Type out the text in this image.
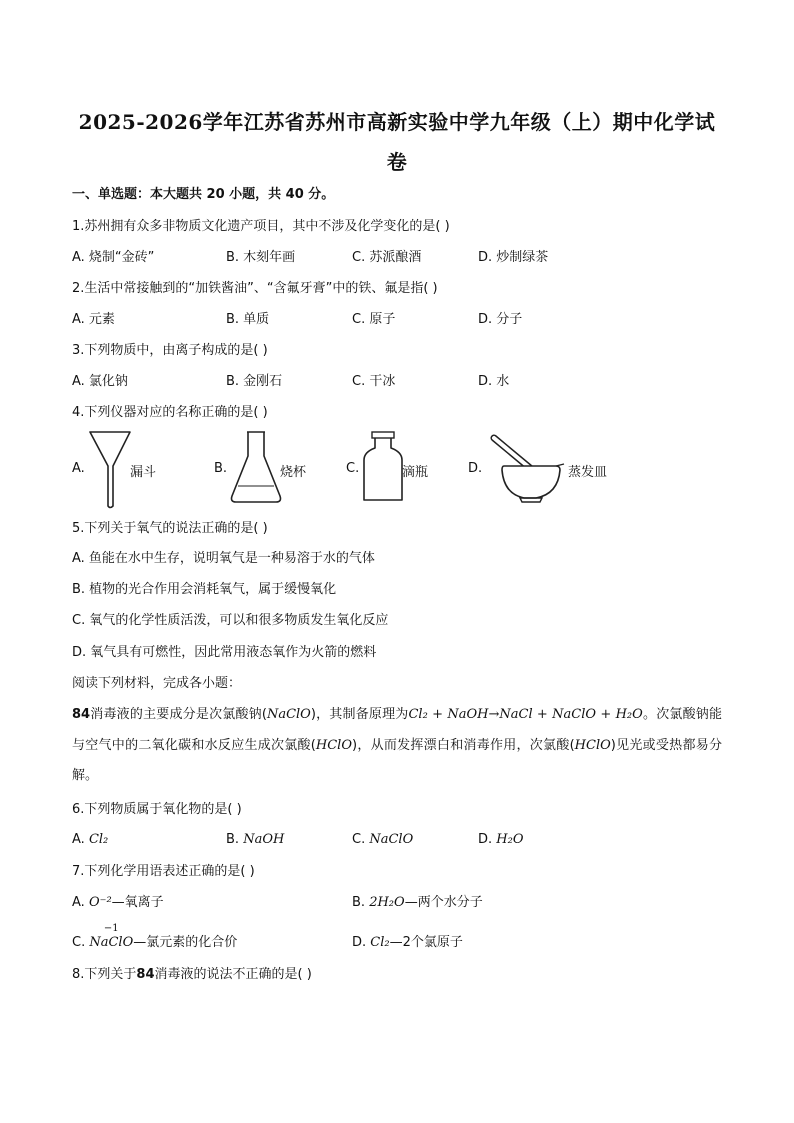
2025-2026学年江苏省苏州市高新实验中学九年级（上）期中化学试
卷
一、单选题：本大题共 20 小题，共 40 分。
1.苏州拥有众多非物质文化遗产项目，其中不涉及化学变化的是( )
A. 烧制“金砖”	B. 木刻年画	C. 苏派酿酒	D. 炒制绿茶
2.生活中常接触到的“加铁酱油”、“含氟牙膏”中的铁、氟是指( )
A. 元素	B. 单质	C. 原子	D. 分子
3.下列物质中，由离子构成的是( )
A. 氯化钠	B. 金刚石	C. 干冰	D. 水
4.下列仪器对应的名称正确的是( )
A.	漏斗	B.	烧杯	C.	滴瓶	D.	蒸发皿
5.下列关于氧气的说法正确的是( )
A. 鱼能在水中生存，说明氧气是一种易溶于水的气体
B. 植物的光合作用会消耗氧气，属于缓慢氧化
C. 氧气的化学性质活泼，可以和很多物质发生氧化反应
D. 氧气具有可燃性，因此常用液态氧作为火箭的燃料
阅读下列材料，完成各小题：
84消毒液的主要成分是次氯酸钠(NaClO)，其制备原理为Cl₂ + NaOH→NaCl + NaClO + H₂O。次氯酸钠能与空气中的二氧化碳和水反应生成次氯酸(HClO)，从而发挥漂白和消毒作用，次氯酸(HClO)见光或受热都易分解。
6.下列物质属于氧化物的是( )
A. Cl₂	B. NaOH	C. NaClO	D. H₂O
7.下列化学用语表述正确的是( )
A. O⁻²—氧离子	B. 2H₂O—两个水分子
C.
−1
NaClO—氯元素的化合价	D. Cl₂—2个氯原子
8.下列关于84消毒液的说法不正确的是( )
